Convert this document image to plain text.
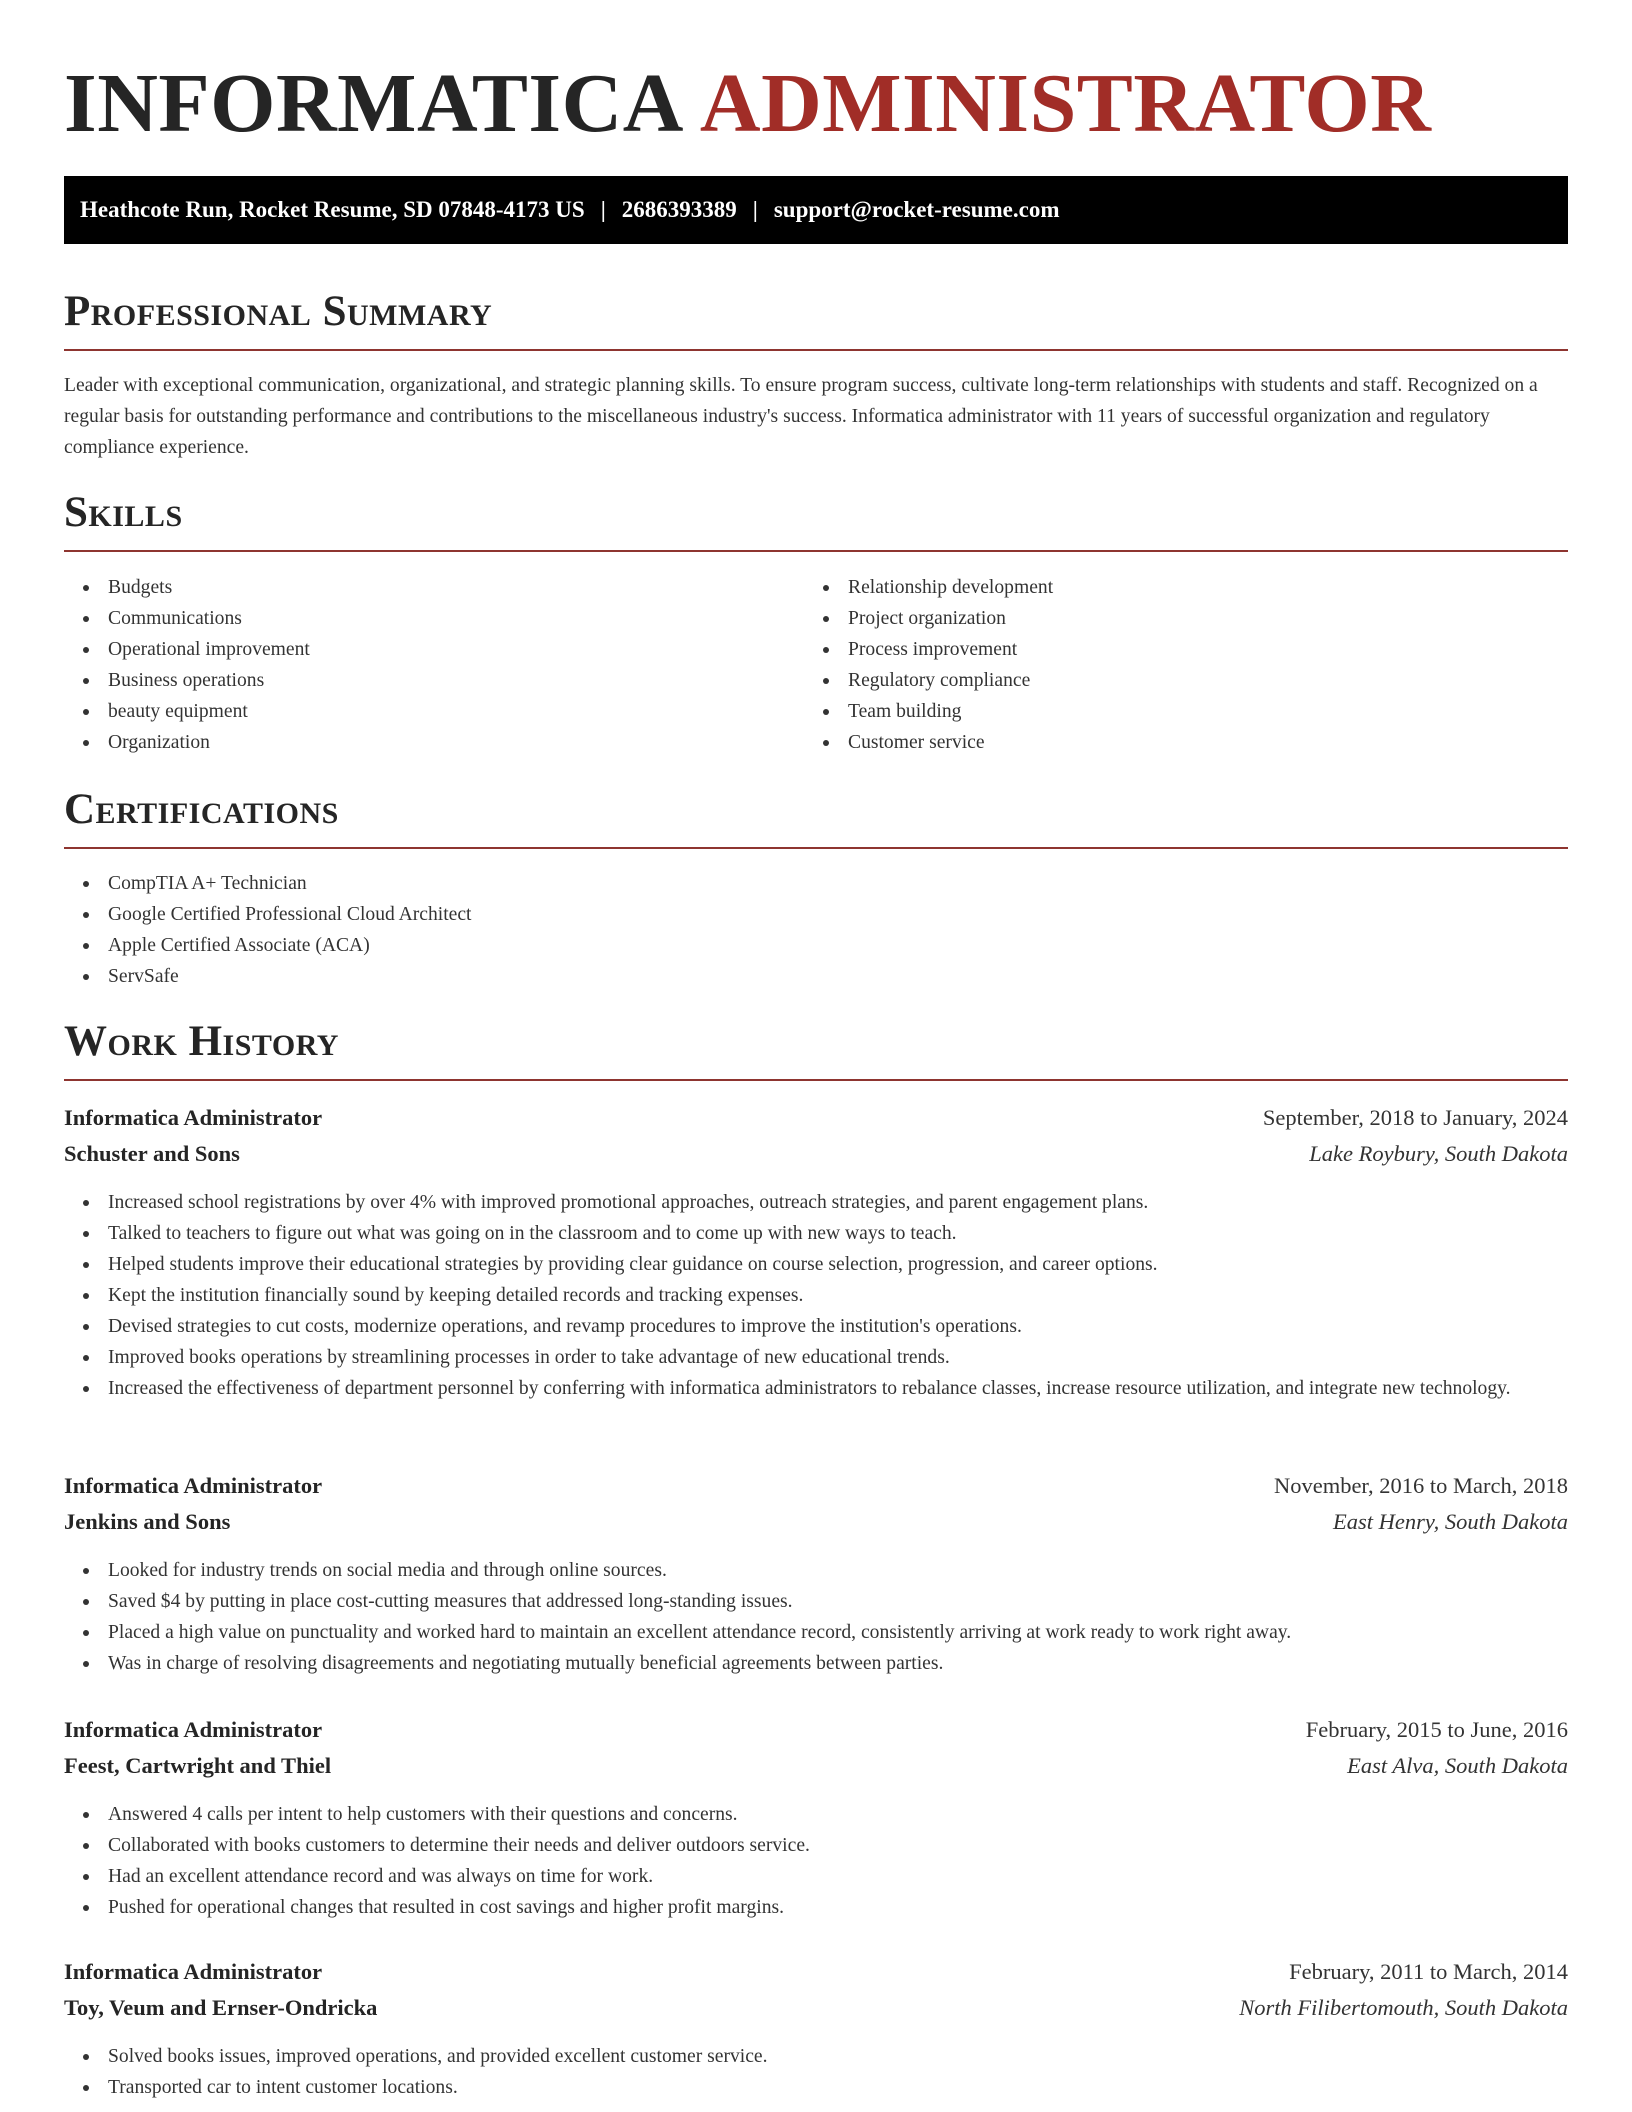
INFORMATICA ADMINISTRATOR
Heathcote Run, Rocket Resume, SD 07848-4173 US | 2686393389 | support@rocket-resume.com
Professional Summary

Leader with exceptional communication, organizational, and strategic planning skills. To ensure program success, cultivate long-term relationships with students and staff. Recognized on a regular basis for outstanding performance and contributions to the miscellaneous industry's success. Informatica administrator with 11 years of successful organization and regulatory compliance experience.

Skills
Budgets
Communications
Operational improvement
Business operations
beauty equipment
Organization
Relationship development
Project organization
Process improvement
Regulatory compliance
Team building
Customer service
Certifications
CompTIA A+ Technician
Google Certified Professional Cloud Architect
Apple Certified Associate (ACA)
ServSafe
Work History
Informatica Administrator	September, 2018 to January, 2024
Schuster and Sons	Lake Roybury, South Dakota
Increased school registrations by over 4% with improved promotional approaches, outreach strategies, and parent engagement plans.
Talked to teachers to figure out what was going on in the classroom and to come up with new ways to teach.
Helped students improve their educational strategies by providing clear guidance on course selection, progression, and career options.
Kept the institution financially sound by keeping detailed records and tracking expenses.
Devised strategies to cut costs, modernize operations, and revamp procedures to improve the institution's operations.
Improved books operations by streamlining processes in order to take advantage of new educational trends.
Increased the effectiveness of department personnel by conferring with informatica administrators to rebalance classes, increase resource utilization, and integrate new technology.
Informatica Administrator	November, 2016 to March, 2018
Jenkins and Sons	East Henry, South Dakota
Looked for industry trends on social media and through online sources.
Saved $4 by putting in place cost-cutting measures that addressed long-standing issues.
Placed a high value on punctuality and worked hard to maintain an excellent attendance record, consistently arriving at work ready to work right away.
Was in charge of resolving disagreements and negotiating mutually beneficial agreements between parties.
Informatica Administrator	February, 2015 to June, 2016
Feest, Cartwright and Thiel	East Alva, South Dakota
Answered 4 calls per intent to help customers with their questions and concerns.
Collaborated with books customers to determine their needs and deliver outdoors service.
Had an excellent attendance record and was always on time for work.
Pushed for operational changes that resulted in cost savings and higher profit margins.
Informatica Administrator	February, 2011 to March, 2014
Toy, Veum and Ernser-Ondricka	North Filibertomouth, South Dakota
Solved books issues, improved operations, and provided excellent customer service.
Transported car to intent customer locations.
